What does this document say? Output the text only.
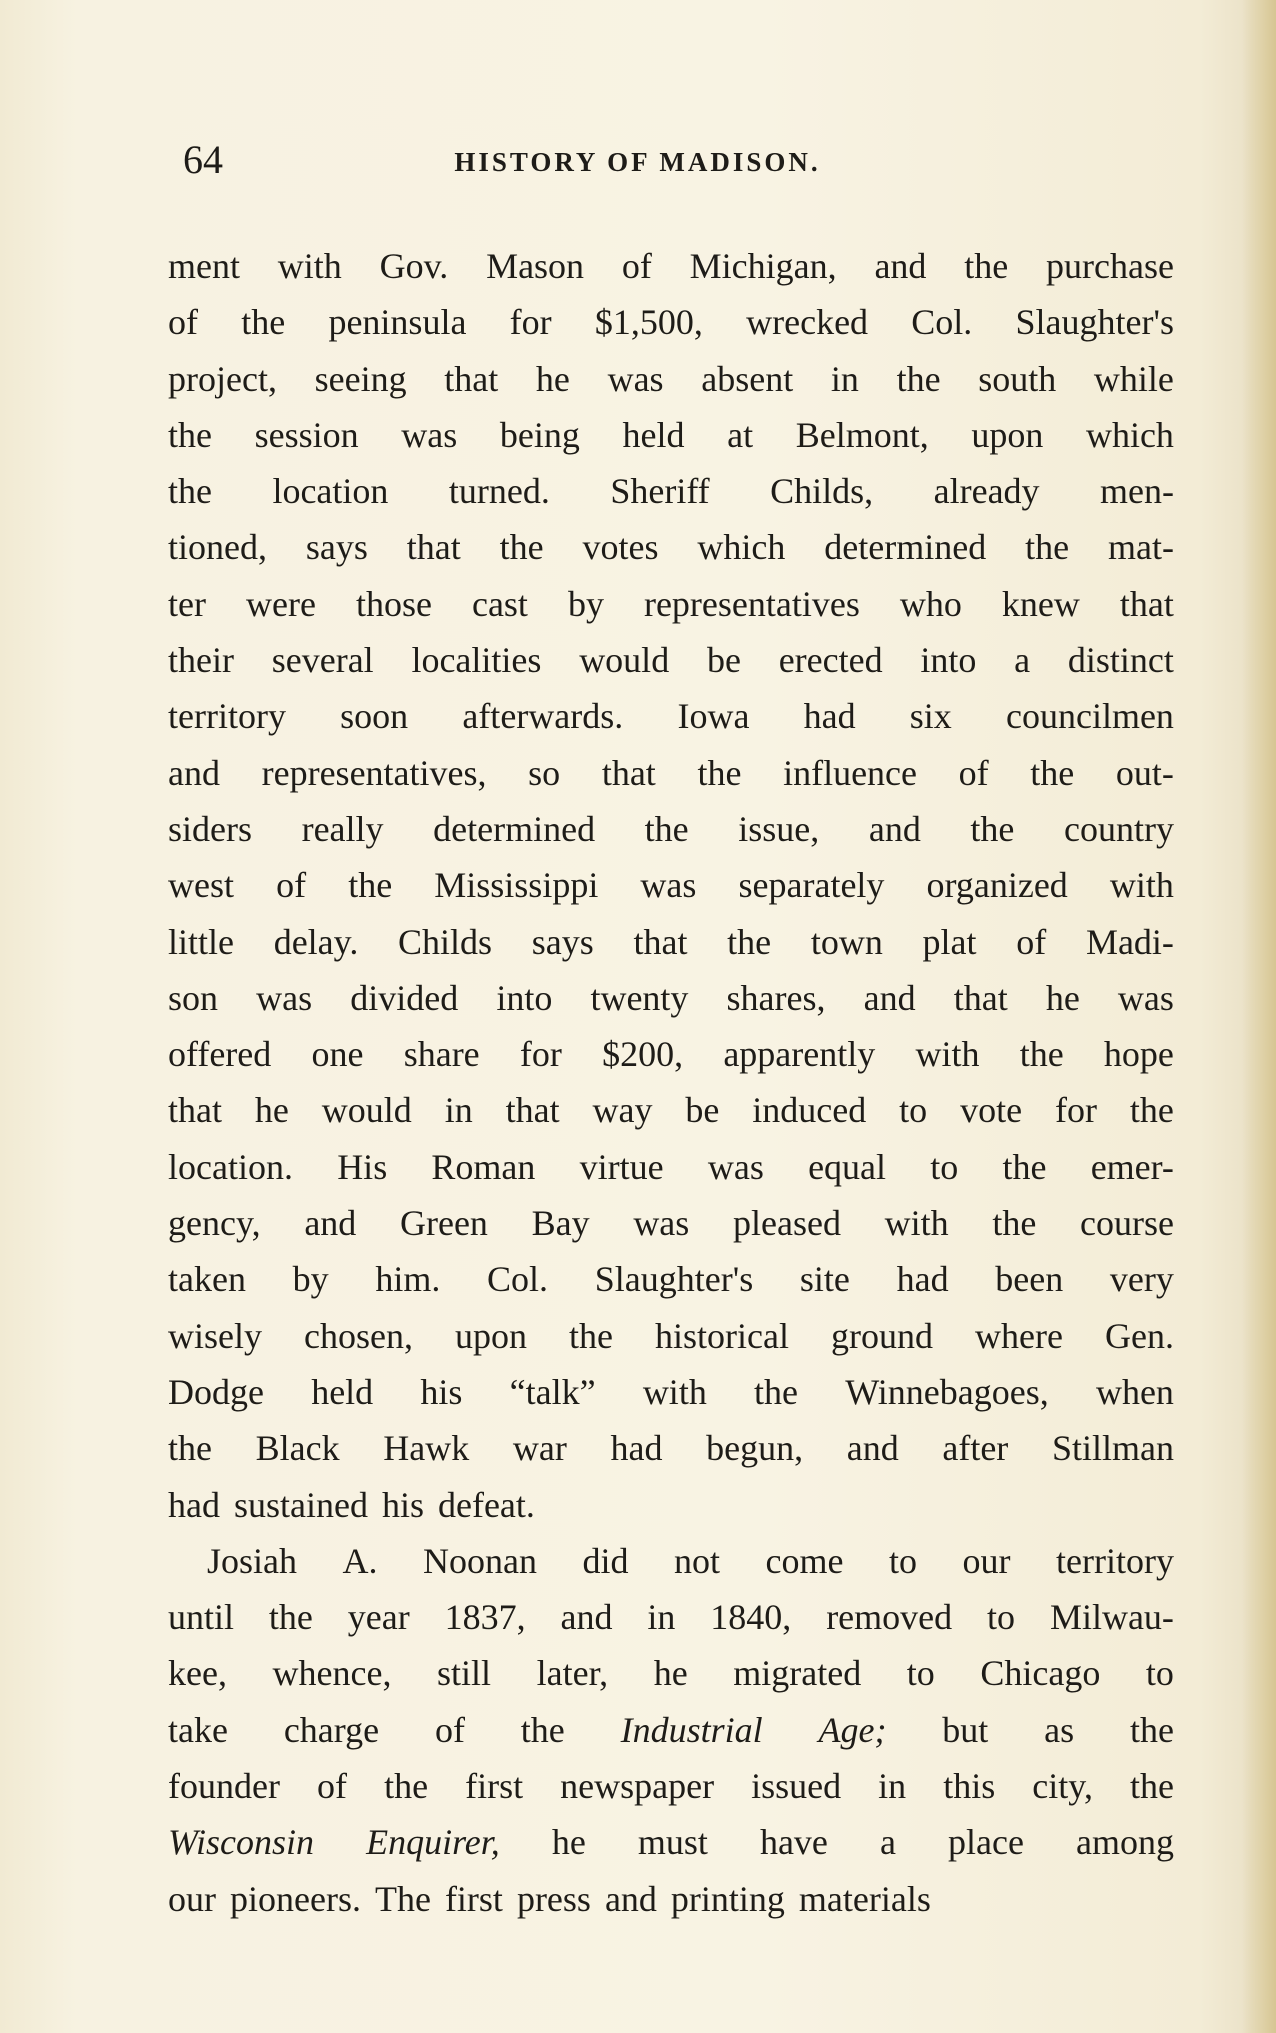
64	HISTORY OF MADISON.
ment with Gov. Mason of Michigan, and the purchase
of the peninsula for $1,500, wrecked Col. Slaughter's
project, seeing that he was absent in the south while
the session was being held at Belmont, upon which
the location turned. Sheriff Childs, already men-
tioned, says that the votes which determined the mat-
ter were those cast by representatives who knew that
their several localities would be erected into a distinct
territory soon afterwards. Iowa had six councilmen
and representatives, so that the influence of the out-
siders really determined the issue, and the country
west of the Mississippi was separately organized with
little delay. Childs says that the town plat of Madi-
son was divided into twenty shares, and that he was
offered one share for $200, apparently with the hope
that he would in that way be induced to vote for the
location. His Roman virtue was equal to the emer-
gency, and Green Bay was pleased with the course
taken by him. Col. Slaughter's site had been very
wisely chosen, upon the historical ground where Gen.
Dodge held his “talk” with the Winnebagoes, when
the Black Hawk war had begun, and after Stillman
had sustained his defeat.
Josiah A. Noonan did not come to our territory
until the year 1837, and in 1840, removed to Milwau-
kee, whence, still later, he migrated to Chicago to
take charge of the Industrial Age; but as the
founder of the first newspaper issued in this city, the
Wisconsin Enquirer, he must have a place among
our pioneers. The first press and printing materials
